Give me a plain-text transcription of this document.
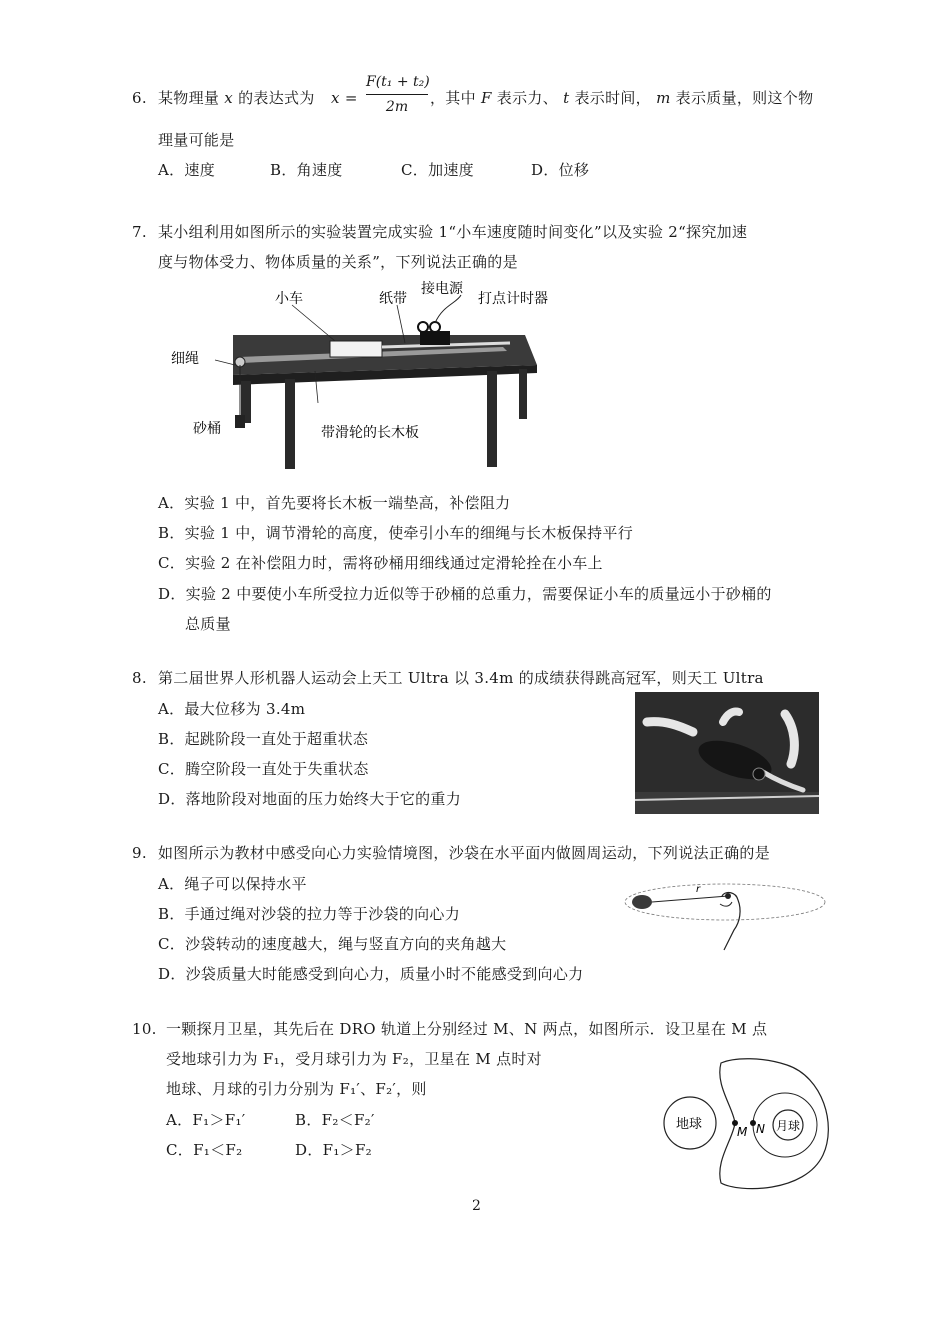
6. 某物理量 x 的表达式为 x =
F(t₁ + t₂)
2m	，其中 F 表示力、 t 表示时间， m 表示质量，则这个物
理量可能是
A．速度	B．角速度	C．加速度	D．位移
7. 某小组利用如图所示的实验装置完成实验 1“小车速度随时间变化”以及实验 2“探究加速
度与物体受力、物体质量的关系”，下列说法正确的是
小车	纸带
接电源
打点计时器
细绳
砂桶	带滑轮的长木板
A．实验 1 中，首先要将长木板一端垫高，补偿阻力
B．实验 1 中，调节滑轮的高度，使牵引小车的细绳与长木板保持平行
C．实验 2 在补偿阻力时，需将砂桶用细线通过定滑轮拴在小车上
D．实验 2 中要使小车所受拉力近似等于砂桶的总重力，需要保证小车的质量远小于砂桶的
总质量
8. 第二届世界人形机器人运动会上天工 Ultra 以 3.4m 的成绩获得跳高冠军，则天工 Ultra
A．最大位移为 3.4m
B．起跳阶段一直处于超重状态
C．腾空阶段一直处于失重状态
D．落地阶段对地面的压力始终大于它的重力
9. 如图所示为教材中感受向心力实验情境图，沙袋在水平面内做圆周运动，下列说法正确的是
A．绳子可以保持水平
B．手通过绳对沙袋的拉力等于沙袋的向心力
C．沙袋转动的速度越大，绳与竖直方向的夹角越大
D．沙袋质量大时能感受到向心力，质量小时不能感受到向心力
r
10. 一颗探月卫星，其先后在 DRO 轨道上分别经过 M、N 两点，如图所示．设卫星在 M 点
受地球引力为 F₁，受月球引力为 F₂，卫星在 M 点时对
地球、月球的引力分别为 F₁′、F₂′，则
A．F₁＞F₁′	B．F₂＜F₂′
C．F₁＜F₂	D．F₁＞F₂
地球	月球
M N
2
